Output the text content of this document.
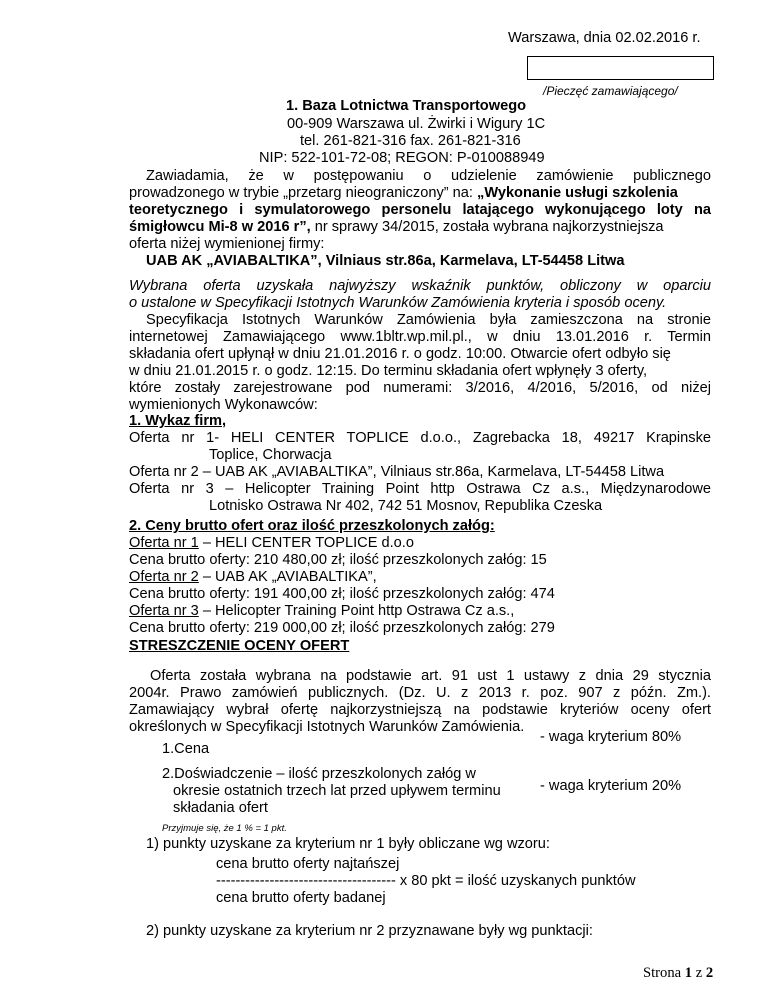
Warszawa, dnia 02.02.2016 r.
/Pieczęć zamawiającego/
1. Baza Lotnictwa Transportowego
00-909 Warszawa ul. Żwirki i Wigury 1C
tel. 261-821-316 fax. 261-821-316
NIP: 522-101-72-08; REGON: P-010088949
Zawiadamia, że w postępowaniu o udzielenie zamówienie publicznego
prowadzonego w trybie „przetarg nieograniczony” na: „Wykonanie usługi szkolenia
teoretycznego i symulatorowego personelu latającego wykonującego loty na
śmigłowcu Mi-8 w 2016 r”, nr sprawy 34/2015, została wybrana najkorzystniejsza
oferta niżej wymienionej firmy:
UAB AK „AVIABALTIKA”, Vilniaus str.86a, Karmelava, LT-54458 Litwa
Wybrana oferta uzyskała najwyższy wskaźnik punktów, obliczony w oparciu
o ustalone w Specyfikacji Istotnych Warunków Zamówienia kryteria i sposób oceny.
Specyfikacja Istotnych Warunków Zamówienia była zamieszczona na stronie
internetowej Zamawiającego www.1bltr.wp.mil.pl., w dniu 13.01.2016 r. Termin
składania ofert upłynął w dniu 21.01.2016 r. o godz. 10:00. Otwarcie ofert odbyło się
w dniu 21.01.2015 r. o godz. 12:15. Do terminu składania ofert wpłynęły 3 oferty,
które zostały zarejestrowane pod numerami: 3/2016, 4/2016, 5/2016, od niżej
wymienionych Wykonawców:
1. Wykaz firm,
Oferta nr 1- HELI CENTER TOPLICE d.o.o., Zagrebacka 18, 49217 Krapinske
Toplice, Chorwacja
Oferta nr 2 – UAB AK „AVIABALTIKA”, Vilniaus str.86a, Karmelava, LT-54458 Litwa
Oferta nr 3 – Helicopter Training Point http Ostrawa Cz a.s., Międzynarodowe
Lotnisko Ostrawa Nr 402, 742 51 Mosnov, Republika Czeska
2. Ceny brutto ofert oraz ilość przeszkolonych załóg:
Oferta nr 1 – HELI CENTER TOPLICE d.o.o
Cena brutto oferty: 210 480,00 zł; ilość przeszkolonych załóg: 15
Oferta nr 2 – UAB AK „AVIABALTIKA”,
Cena brutto oferty: 191 400,00 zł; ilość przeszkolonych załóg: 474
Oferta nr 3 – Helicopter Training Point http Ostrawa Cz a.s.,
Cena brutto oferty: 219 000,00 zł; ilość przeszkolonych załóg: 279
STRESZCZENIE OCENY OFERT
Oferta została wybrana na podstawie art. 91 ust 1 ustawy z dnia 29 stycznia
2004r. Prawo zamówień publicznych. (Dz. U. z 2013 r. poz. 907 z późn. Zm.).
Zamawiający wybrał ofertę najkorzystniejszą na podstawie kryteriów oceny ofert
określonych w Specyfikacji Istotnych Warunków Zamówienia.
- waga kryterium 80%
1.Cena
2.Doświadczenie – ilość przeszkolonych załóg w
okresie ostatnich trzech lat przed upływem terminu
składania ofert
- waga kryterium 20%
Przyjmuje się, że 1 % = 1 pkt.
1) punkty uzyskane za kryterium nr 1 były obliczane wg wzoru:
cena brutto oferty najtańszej
------------------------------------- x 80 pkt = ilość uzyskanych punktów
cena brutto oferty badanej
2) punkty uzyskane za kryterium nr 2 przyznawane były wg punktacji:
Strona 1 z 2
